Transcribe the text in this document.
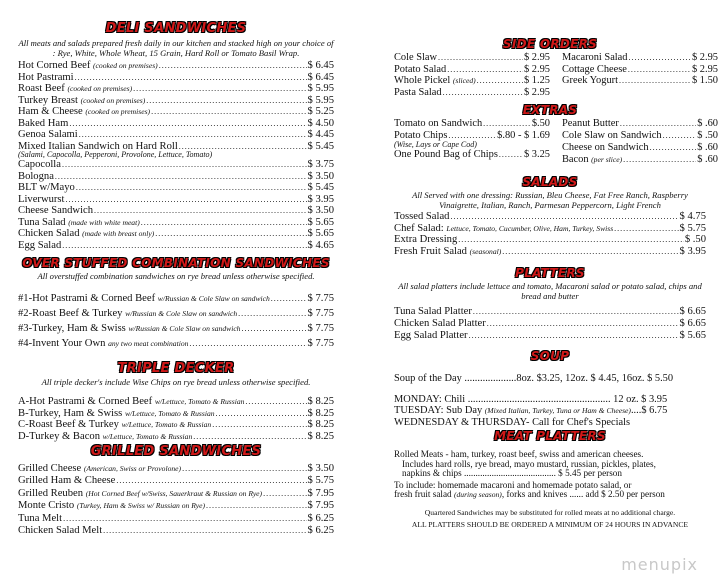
DELI SANDWICHES
All meats and salads prepared fresh daily in our kitchen and stacked high on your choice of : Rye, White, Whole Wheat, 15 Grain, Hard Roll or Tomato Basil Wrap.
Hot Corned Beef (cooked on premises) .....	$ 6.45
Hot Pastrami .....	$ 6.45
Roast Beef (cooked on premises) .....	$ 5.95
Turkey Breast (cooked on premises) .....	$ 5.95
Ham & Cheese (cooked on premises) .....	$ 5.25
Baked Ham .....	$ 4.50
Genoa Salami .....	$ 4.45
Mixed Italian Sandwich on Hard Roll .....	$ 5.45
(Salami, Capocolla, Pepperoni, Provolone, Lettuce, Tomato)
Capocolla .....	$ 3.75
Bologna .....	$ 3.50
BLT w/Mayo .....	$ 5.45
Liverwurst .....	$ 3.95
Cheese Sandwich .....	$ 3.50
Tuna Salad (made with white meat) .....	$ 5.65
Chicken Salad (made with breast only) .....	$ 5.65
Egg Salad .....	$ 4.65
OVER STUFFED COMBINATION SANDWICHES
All overstuffed combination sandwiches on rye bread unless otherwise specified.
#1-Hot Pastrami & Corned Beef w/Russian & Cole Slaw on sandwich .....	$ 7.75
#2-Roast Beef & Turkey w/Russian & Cole Slaw on sandwich .....	$ 7.75
#3-Turkey, Ham & Swiss w/Russian & Cole Slaw on sandwich .....	$ 7.75
#4-Invent Your Own any two meat combination .....	$ 7.75
TRIPLE DECKER
All triple decker's include Wise Chips on rye bread unless otherwise specified.
A-Hot Pastrami & Corned Beef w/Lettuce, Tomato & Russian .....	$ 8.25
B-Turkey, Ham & Swiss w/Lettuce, Tomato & Russian .....	$ 8.25
C-Roast Beef & Turkey w/Lettuce, Tomato & Russian .....	$ 8.25
D-Turkey & Bacon w/Lettuce, Tomato & Russian .....	$ 8.25
GRILLED SANDWICHES
Grilled Cheese (American, Swiss or Provolone) .....	$ 3.50
Grilled Ham & Cheese .....	$ 5.75
Grilled Reuben (Hot Corned Beef w/Swiss, Sauerkraut & Russian on Rye) .....	$ 7.95
Monte Cristo (Turkey, Ham & Swiss w/ Russian on Rye) .....	$ 7.95
Tuna Melt .....	$ 6.25
Chicken Salad Melt .....	$ 6.25
SIDE ORDERS
Cole Slaw .....	$ 2.95
Potato Salad .....	$ 2.95
Whole Pickel (sliced) .....	$ 1.25
Pasta Salad .....	$ 2.95
Macaroni Salad .....	$ 2.95
Cottage Cheese .....	$ 2.95
Greek Yogurt .....	$ 1.50
EXTRAS
Tomato on Sandwich .....	$.50
Potato Chips .....	$.80 - $ 1.69
(Wise, Lays or Cape Cod)
One Pound Bag of Chips .....	$ 3.25
Peanut Butter .....	$ .60
Cole Slaw on Sandwich .....	$ .50
Cheese on Sandwich .....	$ .60
Bacon (per slice) .....	$ .60
SALADS
All Served with one dressing: Russian, Bleu Cheese, Fat Free Ranch, Raspberry Vinaigrette, Italian, Ranch, Parmesan Peppercorn, Light French
Tossed Salad .....	$ 4.75
Chef Salad: Lettuce, Tomato, Cucumber, Olive, Ham, Turkey, Swiss .....	$ 5.75
Extra Dressing .....	$ .50
Fresh Fruit Salad (seasonal) .....	$ 3.95
PLATTERS
All salad platters include lettuce and tomato, Macaroni salad or potato salad, chips and bread and butter
Tuna Salad Platter .....	$ 6.65
Chicken Salad Platter .....	$ 6.65
Egg Salad Platter .....	$ 5.65
SOUP
Soup of the Day ....................8oz. $3.25, 12oz. $ 4.45, 16oz. $ 5.50
MONDAY: Chili ....................................................... 12 oz. $ 3.95
TUESDAY: Sub Day (Mixed Italian, Turkey, Tuna or Ham & Cheese)....$ 6.75
WEDNESDAY & THURSDAY- Call for Chef's Specials
MEAT PLATTERS
Rolled Meats - ham, turkey, roast beef, swiss and american cheeses.
Includes hard rolls, rye bread, mayo mustard, russian, pickles, plates,
napkins & chips ........................................ $ 5.45 per person
To include: homemade macaroni and homemade potato salad, or
fresh fruit salad (during season), forks and knives ...... add $ 2.50 per person
Quartered Sandwiches may be substituted for rolled meats at no additional charge.
ALL PLATTERS SHOULD BE ORDERED A MINIMUM OF 24 HOURS IN ADVANCE
menupix
